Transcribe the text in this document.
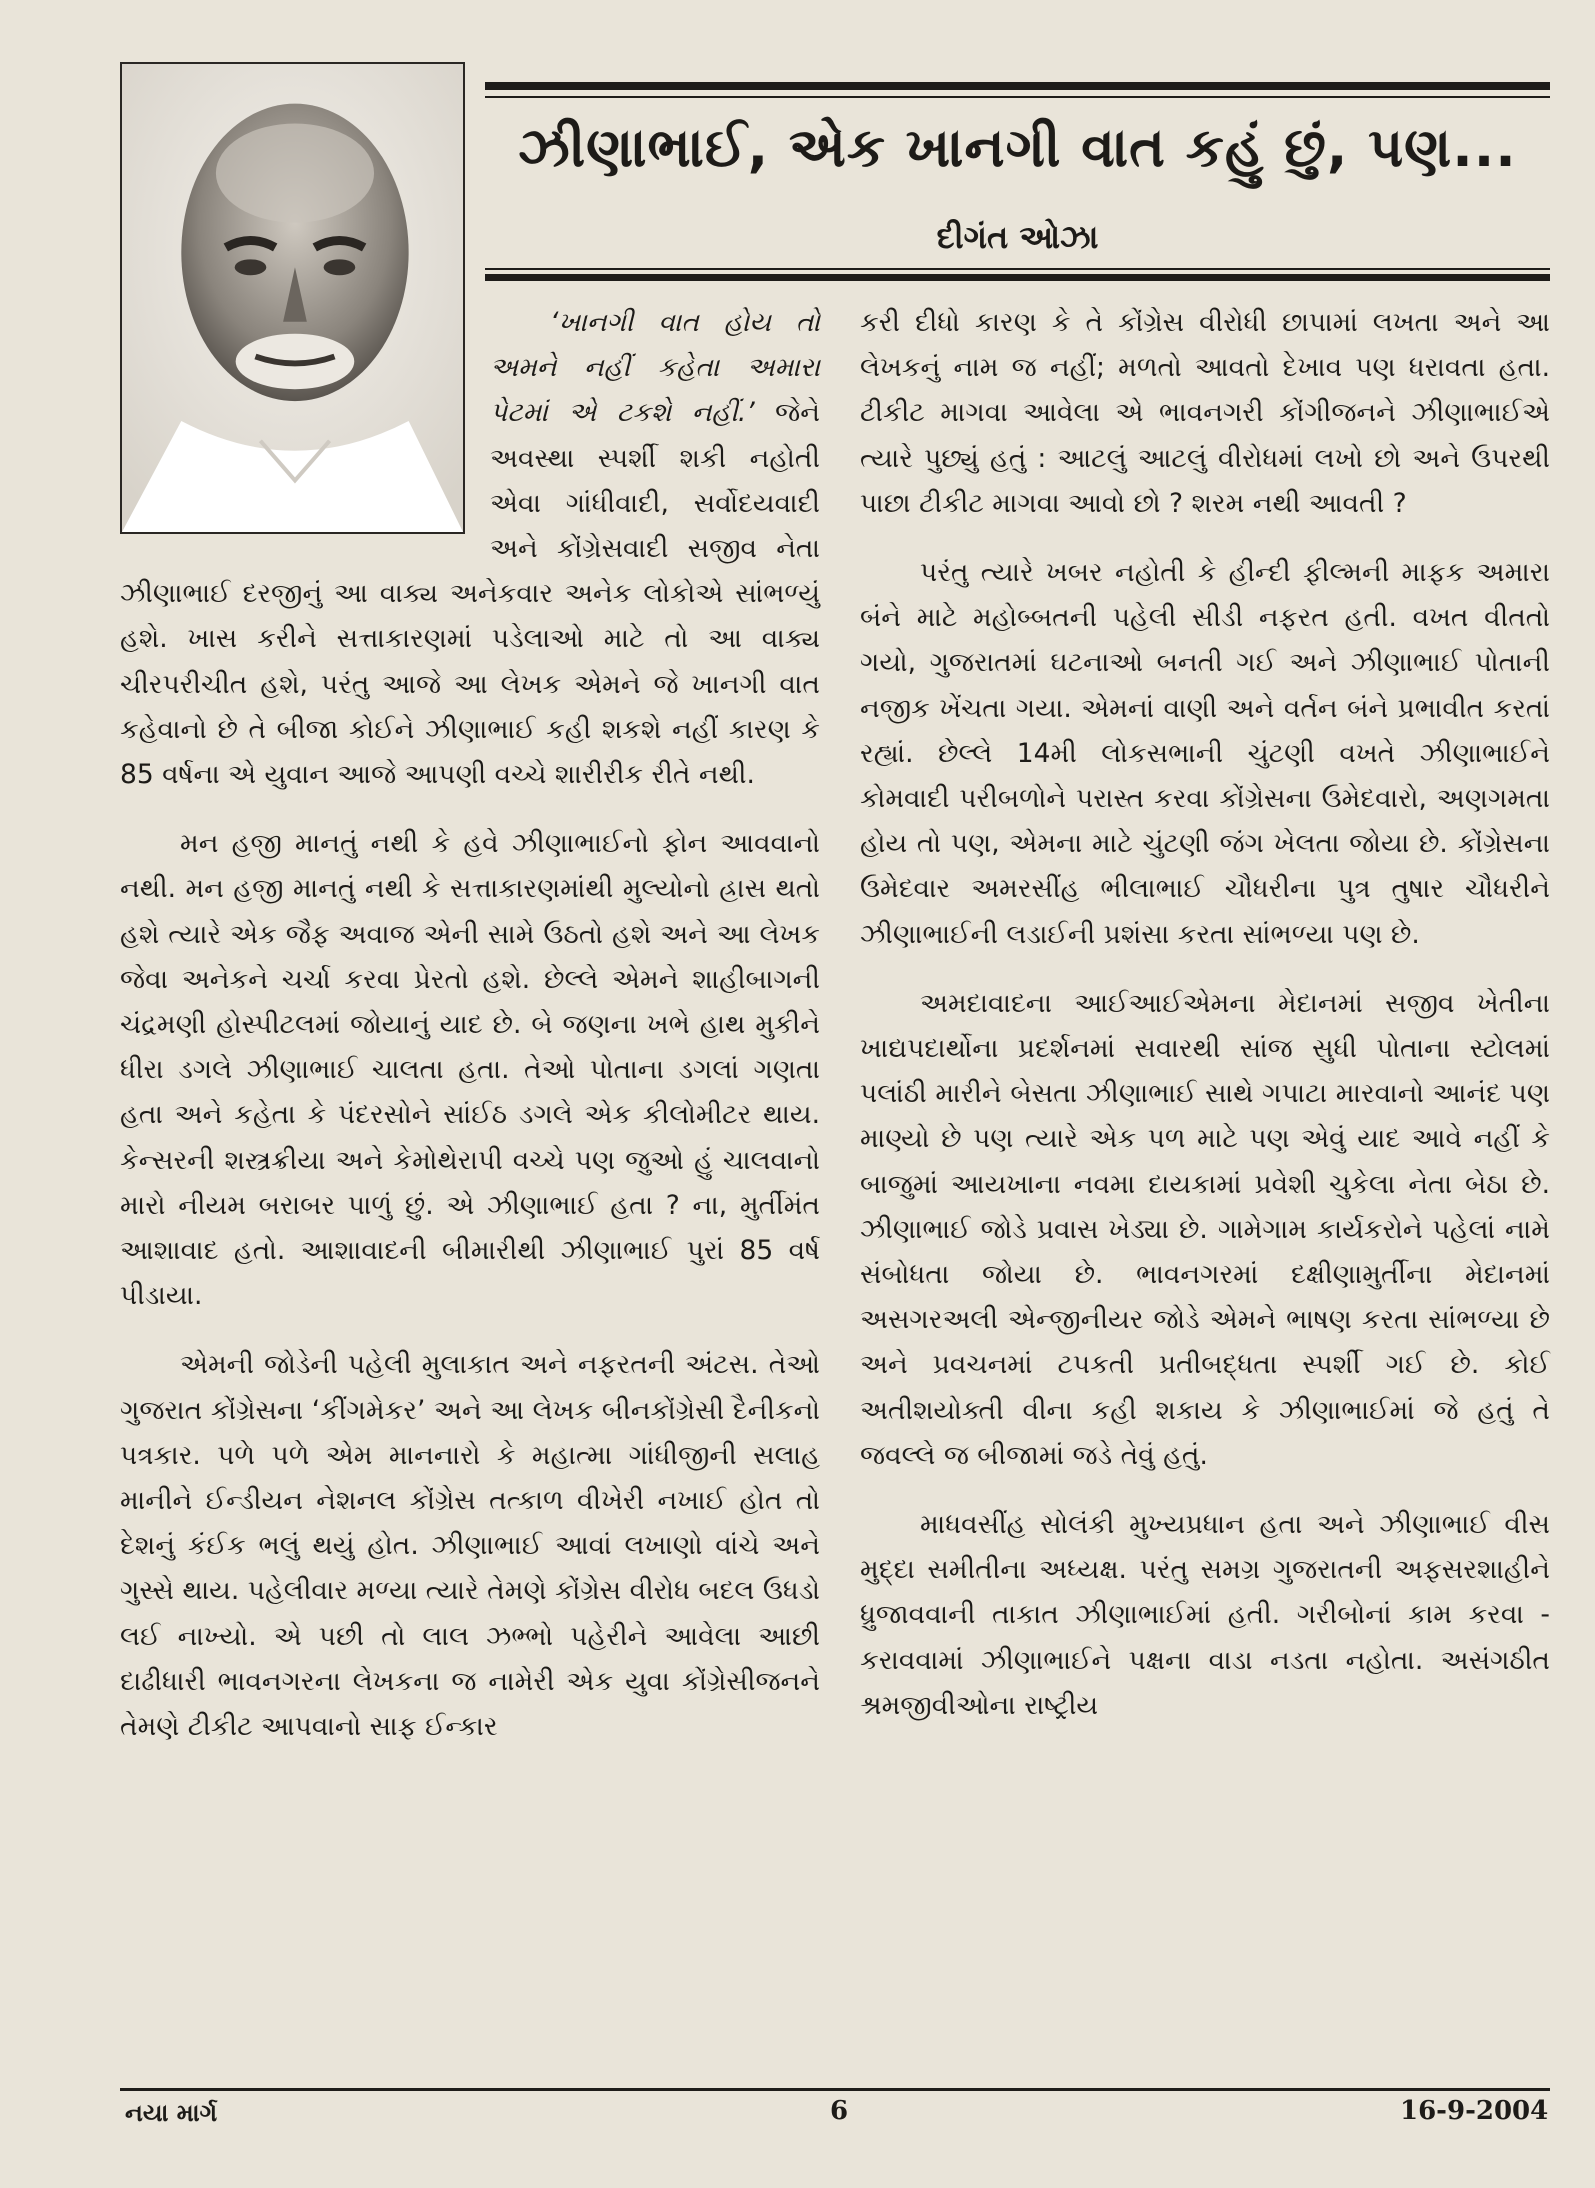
ઝીણાભાઈ, એક ખાનગી વાત કહું છું, પણ...
દીગંત ઓઝા

‘ખાનગી વાત હોય તો અમને નહીં કહેતા અમારા પેટમાં એ ટકશે નહીં.’ જેને અવસ્થા સ્પર્શી શકી નહોતી એવા ગાંધીવાદી, સર્વોદયવાદી અને કોંગ્રેસવાદી સજીવ નેતા ઝીણાભાઈ દરજીનું આ વાક્ય અનેકવાર અનેક લોકોએ સાંભળ્યું હશે. ખાસ કરીને સત્તાકારણમાં પડેલાઓ માટે તો આ વાક્ય ચીરપરીચીત હશે, પરંતુ આજે આ લેખક એમને જે ખાનગી વાત કહેવાનો છે તે બીજા કોઈને ઝીણાભાઈ કહી શકશે નહીં કારણ કે 85 વર્ષના એ યુવાન આજે આપણી વચ્ચે શારીરીક રીતે નથી.

મન હજી માનતું નથી કે હવે ઝીણાભાઈનો ફોન આવવાનો નથી. મન હજી માનતું નથી કે સત્તાકારણમાંથી મુલ્યોનો હ્રાસ થતો હશે ત્યારે એક જૈફ અવાજ એની સામે ઉઠતો હશે અને આ લેખક જેવા અનેકને ચર્ચા કરવા પ્રેરતો હશે. છેલ્લે એમને શાહીબાગની ચંદ્રમણી હોસ્પીટલમાં જોયાનું યાદ છે. બે જણના ખભે હાથ મુકીને ધીરા ડગલે ઝીણાભાઈ ચાલતા હતા. તેઓ પોતાના ડગલાં ગણતા હતા અને કહેતા કે પંદરસોને સાંઈઠ ડગલે એક કીલોમીટર થાય. કેન્સરની શસ્ત્રક્રીયા અને કેમોથેરાપી વચ્ચે પણ જુઓ હું ચાલવાનો મારો નીયમ બરાબર પાળું છું. એ ઝીણાભાઈ હતા ? ના, મુર્તીમંત આશાવાદ હતો. આશાવાદની બીમારીથી ઝીણાભાઈ પુરાં 85 વર્ષ પીડાયા.

એમની જોડેની પહેલી મુલાકાત અને નફરતની અંટસ. તેઓ ગુજરાત કોંગ્રેસના ‘કીંગમેકર’ અને આ લેખક બીનકોંગ્રેસી દૈનીકનો પત્રકાર. પળે પળે એમ માનનારો કે મહાત્મા ગાંધીજીની સલાહ માનીને ઈન્ડીયન નેશનલ કોંગ્રેસ તત્કાળ વીખેરી નખાઈ હોત તો દેશનું કંઈક ભલું થયું હોત. ઝીણાભાઈ આવાં લખાણો વાંચે અને ગુસ્સે થાય. પહેલીવાર મળ્યા ત્યારે તેમણે કોંગ્રેસ વીરોધ બદલ ઉધડો લઈ નાખ્યો. એ પછી તો લાલ ઝભ્ભો પહેરીને આવેલા આછી દાઢીધારી ભાવનગરના લેખકના જ નામેરી એક યુવા કોંગ્રેસીજનને તેમણે ટીકીટ આપવાનો સાફ ઈન્કાર

કરી દીધો કારણ કે તે કોંગ્રેસ વીરોધી છાપામાં લખતા અને આ લેખકનું નામ જ નહીં; મળતો આવતો દેખાવ પણ ધરાવતા હતા. ટીકીટ માગવા આવેલા એ ભાવનગરી કોંગીજનને ઝીણાભાઈએ ત્યારે પુછ્યું હતું : આટલું આટલું વીરોધમાં લખો છો અને ઉપરથી પાછા ટીકીટ માગવા આવો છો ? શરમ નથી આવતી ?

પરંતુ ત્યારે ખબર નહોતી કે હીન્દી ફીલ્મની માફક અમારા બંને માટે મહોબ્બતની પહેલી સીડી નફરત હતી. વખત વીતતો ગયો, ગુજરાતમાં ઘટનાઓ બનતી ગઈ અને ઝીણાભાઈ પોતાની નજીક ખેંચતા ગયા. એમનાં વાણી અને વર્તન બંને પ્રભાવીત કરતાં રહ્યાં. છેલ્લે 14મી લોકસભાની ચુંટણી વખતે ઝીણાભાઈને કોમવાદી પરીબળોને પરાસ્ત કરવા કોંગ્રેસના ઉમેદવારો, અણગમતા હોય તો પણ, એમના માટે ચુંટણી જંગ ખેલતા જોયા છે. કોંગ્રેસના ઉમેદવાર અમરસીંહ ભીલાભાઈ ચૌધરીના પુત્ર તુષાર ચૌધરીને ઝીણાભાઈની લડાઈની પ્રશંસા કરતા સાંભળ્યા પણ છે.

અમદાવાદના આઈઆઈએમના મેદાનમાં સજીવ ખેતીના ખાદ્યપદાર્થોના પ્રદર્શનમાં સવારથી સાંજ સુધી પોતાના સ્ટોલમાં પલાંઠી મારીને બેસતા ઝીણાભાઈ સાથે ગપાટા મારવાનો આનંદ પણ માણ્યો છે પણ ત્યારે એક પળ માટે પણ એવું યાદ આવે નહીં કે બાજુમાં આયખાના નવમા દાયકામાં પ્રવેશી ચુકેલા નેતા બેઠા છે. ઝીણાભાઈ જોડે પ્રવાસ ખેડ્યા છે. ગામેગામ કાર્યકરોને પહેલાં નામે સંબોધતા જોયા છે. ભાવનગરમાં દક્ષીણામુર્તીના મેદાનમાં અસગરઅલી એન્જીનીયર જોડે એમને ભાષણ કરતા સાંભળ્યા છે અને પ્રવચનમાં ટપકતી પ્રતીબદ્ધતા સ્પર્શી ગઈ છે. કોઈ અતીશયોક્તી વીના કહી શકાય કે ઝીણાભાઈમાં જે હતું તે જવલ્લે જ બીજામાં જડે તેવું હતું.

માધવસીંહ સોલંકી મુખ્યપ્રધાન હતા અને ઝીણાભાઈ વીસ મુદ્દા સમીતીના અધ્યક્ષ. પરંતુ સમગ્ર ગુજરાતની અફસરશાહીને ધ્રુજાવવાની તાકાત ઝીણાભાઈમાં હતી. ગરીબોનાં કામ કરવા - કરાવવામાં ઝીણાભાઈને પક્ષના વાડા નડતા નહોતા. અસંગઠીત શ્રમજીવીઓના રાષ્ટ્રીય

નયા માર્ગ	6	16-9-2004
